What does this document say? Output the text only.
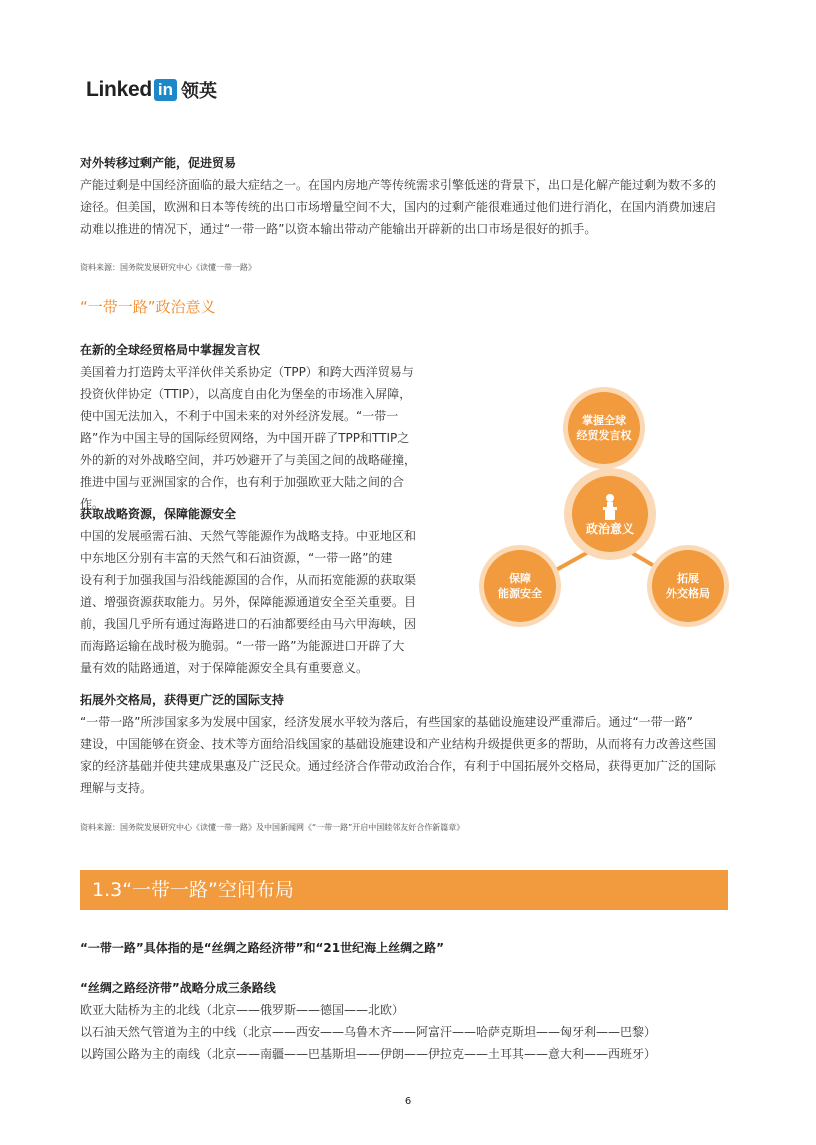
Linked in 领英
对外转移过剩产能，促进贸易
产能过剩是中国经济面临的最大症结之一。在国内房地产等传统需求引擎低迷的背景下，出口是化解产能过剩为数不多的
途径。但美国，欧洲和日本等传统的出口市场增量空间不大，国内的过剩产能很难通过他们进行消化，在国内消费加速启
动难以推进的情况下，通过“一带一路”以资本输出带动产能输出开辟新的出口市场是很好的抓手。
资料来源：国务院发展研究中心《读懂一带一路》
“一带一路”政治意义
在新的全球经贸格局中掌握发言权
美国着力打造跨太平洋伙伴关系协定（TPP）和跨大西洋贸易与
投资伙伴协定（TTIP），以高度自由化为堡垒的市场准入屏障，
使中国无法加入，不利于中国未来的对外经济发展。“一带一
路”作为中国主导的国际经贸网络，为中国开辟了TPP和TTIP之
外的新的对外战略空间，并巧妙避开了与美国之间的战略碰撞，
推进中国与亚洲国家的合作，也有利于加强欧亚大陆之间的合
作。
获取战略资源，保障能源安全
中国的发展亟需石油、天然气等能源作为战略支持。中亚地区和
中东地区分别有丰富的天然气和石油资源，“一带一路”的建
设有利于加强我国与沿线能源国的合作，从而拓宽能源的获取渠
道、增强资源获取能力。另外，保障能源通道安全至关重要。目
前，我国几乎所有通过海路进口的石油都要经由马六甲海峡，因
而海路运输在战时极为脆弱。“一带一路”为能源进口开辟了大
量有效的陆路通道，对于保障能源安全具有重要意义。
掌握全球
经贸发言权
政治意义
保障
能源安全
拓展
外交格局
拓展外交格局，获得更广泛的国际支持
“一带一路”所涉国家多为发展中国家，经济发展水平较为落后，有些国家的基础设施建设严重滞后。通过“一带一路”
建设，中国能够在资金、技术等方面给沿线国家的基础设施建设和产业结构升级提供更多的帮助，从而将有力改善这些国
家的经济基础并使共建成果惠及广泛民众。通过经济合作带动政治合作，有利于中国拓展外交格局，获得更加广泛的国际
理解与支持。
资料来源：国务院发展研究中心《读懂一带一路》及中国新闻网《“一带一路”开启中国睦邻友好合作新篇章》
1.3“一带一路”空间布局
“一带一路”具体指的是“丝绸之路经济带”和“21世纪海上丝绸之路”
“丝绸之路经济带”战略分成三条路线
欧亚大陆桥为主的北线（北京——俄罗斯——德国——北欧）
以石油天然气管道为主的中线（北京——西安——乌鲁木齐——阿富汗——哈萨克斯坦——匈牙利——巴黎）
以跨国公路为主的南线（北京——南疆——巴基斯坦——伊朗——伊拉克——土耳其——意大利——西班牙）
6
